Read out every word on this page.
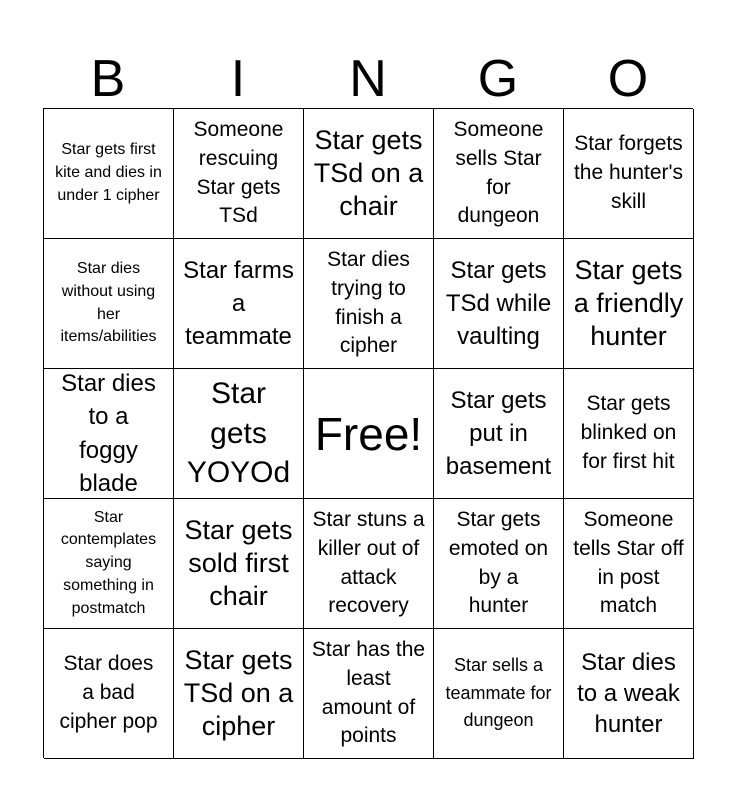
B	I	N	G	O
Star gets first kite and dies in under 1 cipher
Someone rescuing Star gets TSd
Star gets TSd on a chair
Someone sells Star for dungeon
Star forgets the hunter's skill
Star dies without using her items/abilities
Star farms a teammate
Star dies trying to finish a cipher
Star gets TSd while vaulting
Star gets a friendly hunter
Star dies to a foggy blade
Star gets YOYOd
Free!
Star gets put in basement
Star gets blinked on for first hit
Star contemplates saying something in postmatch
Star gets sold first chair
Star stuns a killer out of attack recovery
Star gets emoted on by a hunter
Someone tells Star off in post match
Star does a bad cipher pop
Star gets TSd on a cipher
Star has the least amount of points
Star sells a teammate for dungeon
Star dies to a weak hunter
